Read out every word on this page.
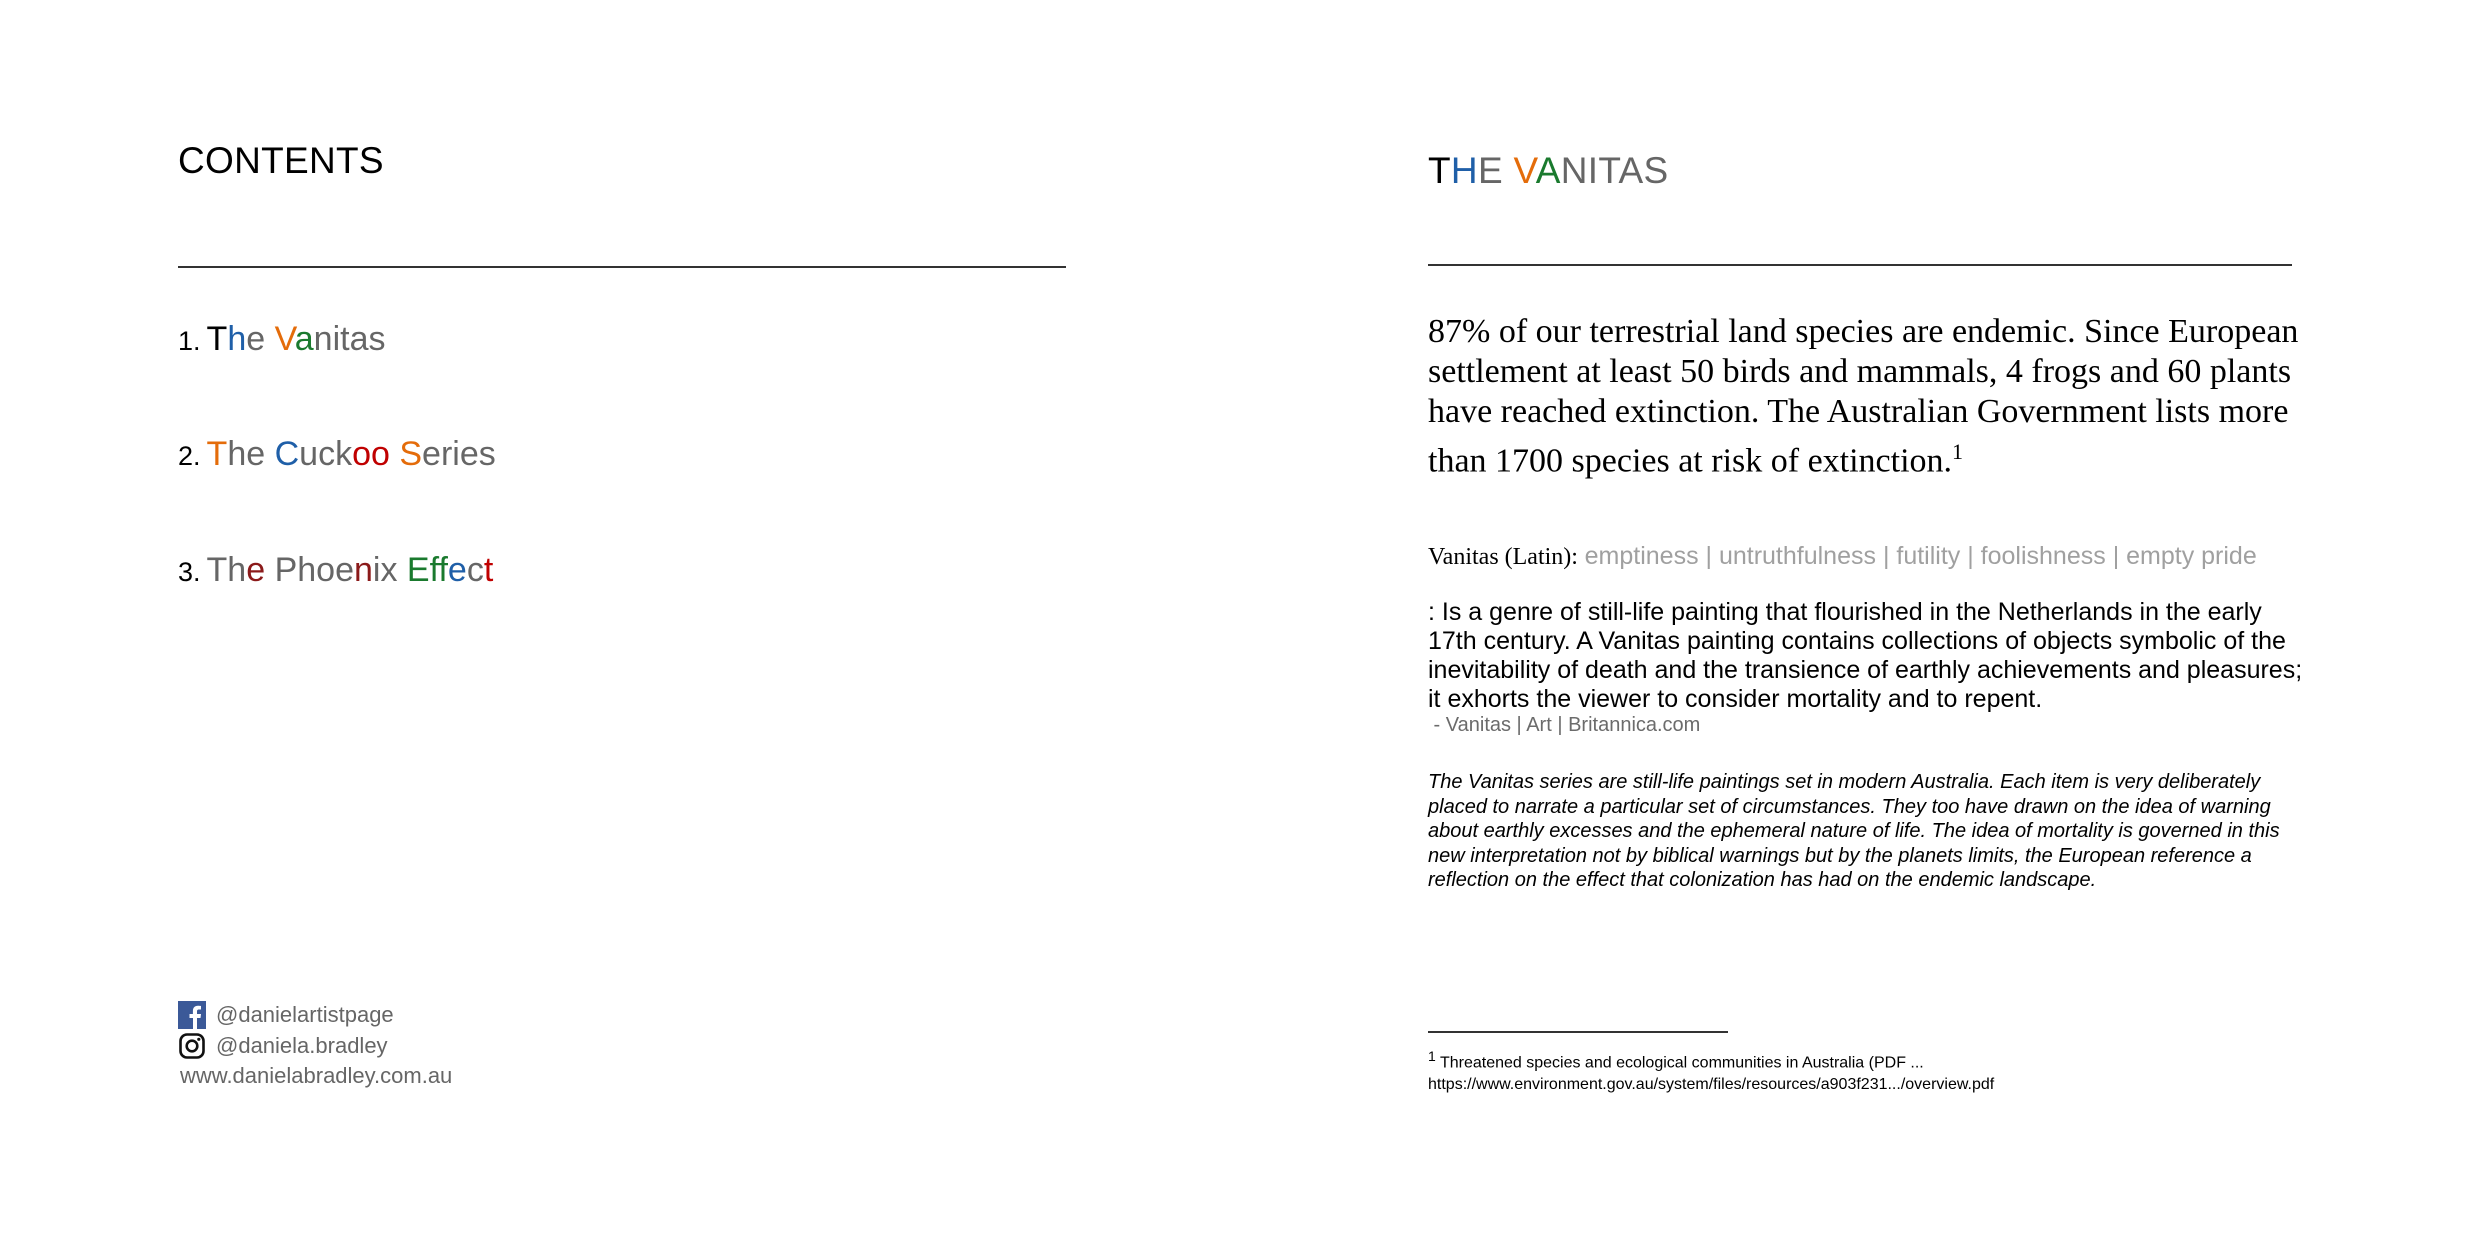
CONTENTS
1. The Vanitas
2. The Cuckoo Series
3. The Phoenix Effect
@danielartistpage
@daniela.bradley
www.danielabradley.com.au
THE VANITAS
87% of our terrestrial land species are endemic. Since European settlement at least 50 birds and mammals, 4 frogs and 60 plants have reached extinction. The Australian Government lists more than 1700 species at risk of extinction.$^1$
Vanitas (Latin): emptiness | untruthfulness | futility | foolishness | empty pride
: Is a genre of still-life painting that flourished in the Netherlands in the early 17th century. A Vanitas painting contains collections of objects symbolic of the inevitability of death and the transience of earthly achievements and pleasures; it exhorts the viewer to consider mortality and to repent.
- Vanitas | Art | Britannica.com
The Vanitas series are still-life paintings set in modern Australia. Each item is very deliberately placed to narrate a particular set of circumstances. They too have drawn on the idea of warning about earthly excesses and the ephemeral nature of life. The idea of mortality is governed in this new interpretation not by biblical warnings but by the planets limits, the European reference a reflection on the effect that colonization has had on the endemic landscape.
$^1$ Threatened species and ecological communities in Australia (PDF ...
https://www.environment.gov.au/system/files/resources/a903f231.../overview.pdf
